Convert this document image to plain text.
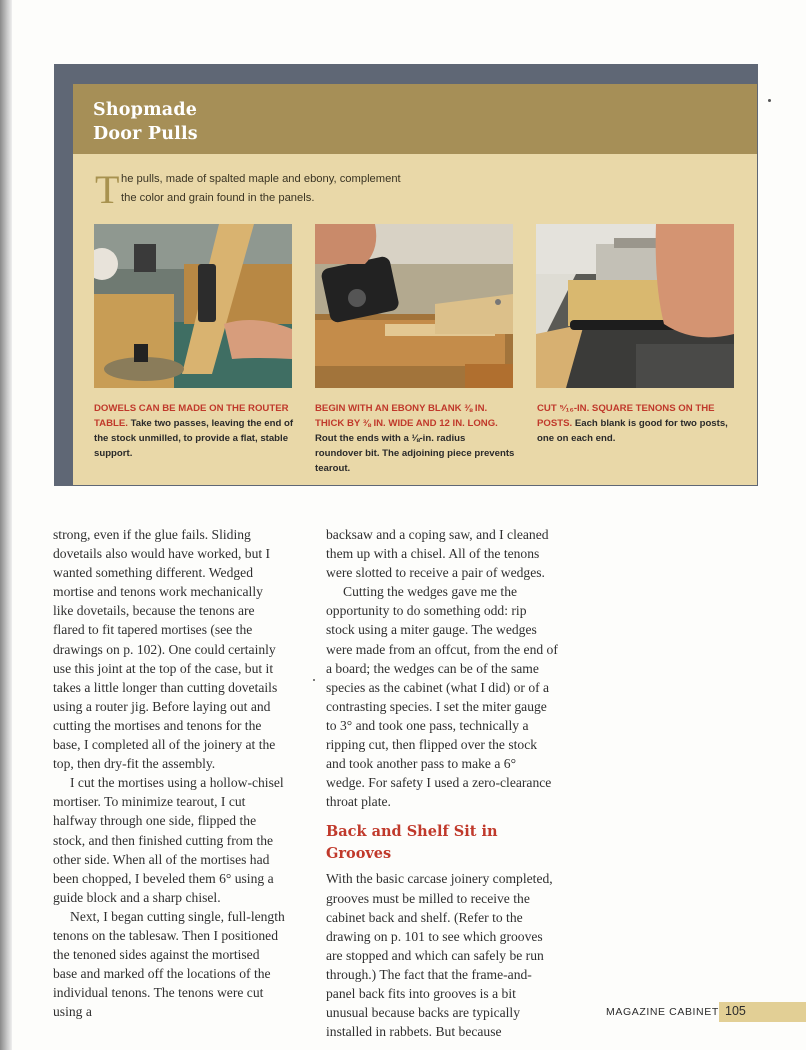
Shopmade
Door Pulls
T he pulls, made of spalted maple and ebony, complement

the color and grain found in the panels.

DOWELS CAN BE MADE ON THE ROUTER TABLE. Take two passes, leaving the end of the stock unmilled, to provide a flat, stable support.
BEGIN WITH AN EBONY BLANK ⅜ IN. THICK BY ⅜ IN. WIDE AND 12 IN. LONG. Rout the ends with a ⅛-in. radius roundover bit. The adjoining piece prevents tearout.
CUT ⁵⁄₁₆-IN. SQUARE TENONS ON THE POSTS. Each blank is good for two posts, one on each end.

strong, even if the glue fails. Sliding dovetails also would have worked, but I wanted something different. Wedged mortise and tenons work mechanically like dovetails, because the tenons are flared to fit tapered mortises (see the drawings on p. 102). One could certainly use this joint at the top of the case, but it takes a little longer than cutting dovetails using a router jig. Before laying out and cutting the mortises and tenons for the base, I completed all of the joinery at the top, then dry-fit the assembly.

I cut the mortises using a hollow-chisel mortiser. To minimize tearout, I cut halfway through one side, flipped the stock, and then finished cutting from the other side. When all of the mortises had been chopped, I beveled them 6° using a guide block and a sharp chisel.

Next, I began cutting single, full-length tenons on the tablesaw. Then I positioned the tenoned sides against the mortised base and marked off the locations of the individual tenons. The tenons were cut using a

backsaw and a coping saw, and I cleaned them up with a chisel. All of the tenons were slotted to receive a pair of wedges.

Cutting the wedges gave me the opportunity to do something odd: rip stock using a miter gauge. The wedges were made from an offcut, from the end of a board; the wedges can be of the same species as the cabinet (what I did) or of a contrasting species. I set the miter gauge to 3° and took one pass, technically a ripping cut, then flipped over the stock and took another pass to make a 6° wedge. For safety I used a zero-clearance throat plate.

Back and Shelf Sit in Grooves

With the basic carcase joinery completed, grooves must be milled to receive the cabinet back and shelf. (Refer to the drawing on p. 101 to see which grooves are stopped and which can safely be run through.) The fact that the frame-and-panel back fits into grooves is a bit unusual because backs are typically installed in rabbets. But because

MAGAZINE CABINET 105
